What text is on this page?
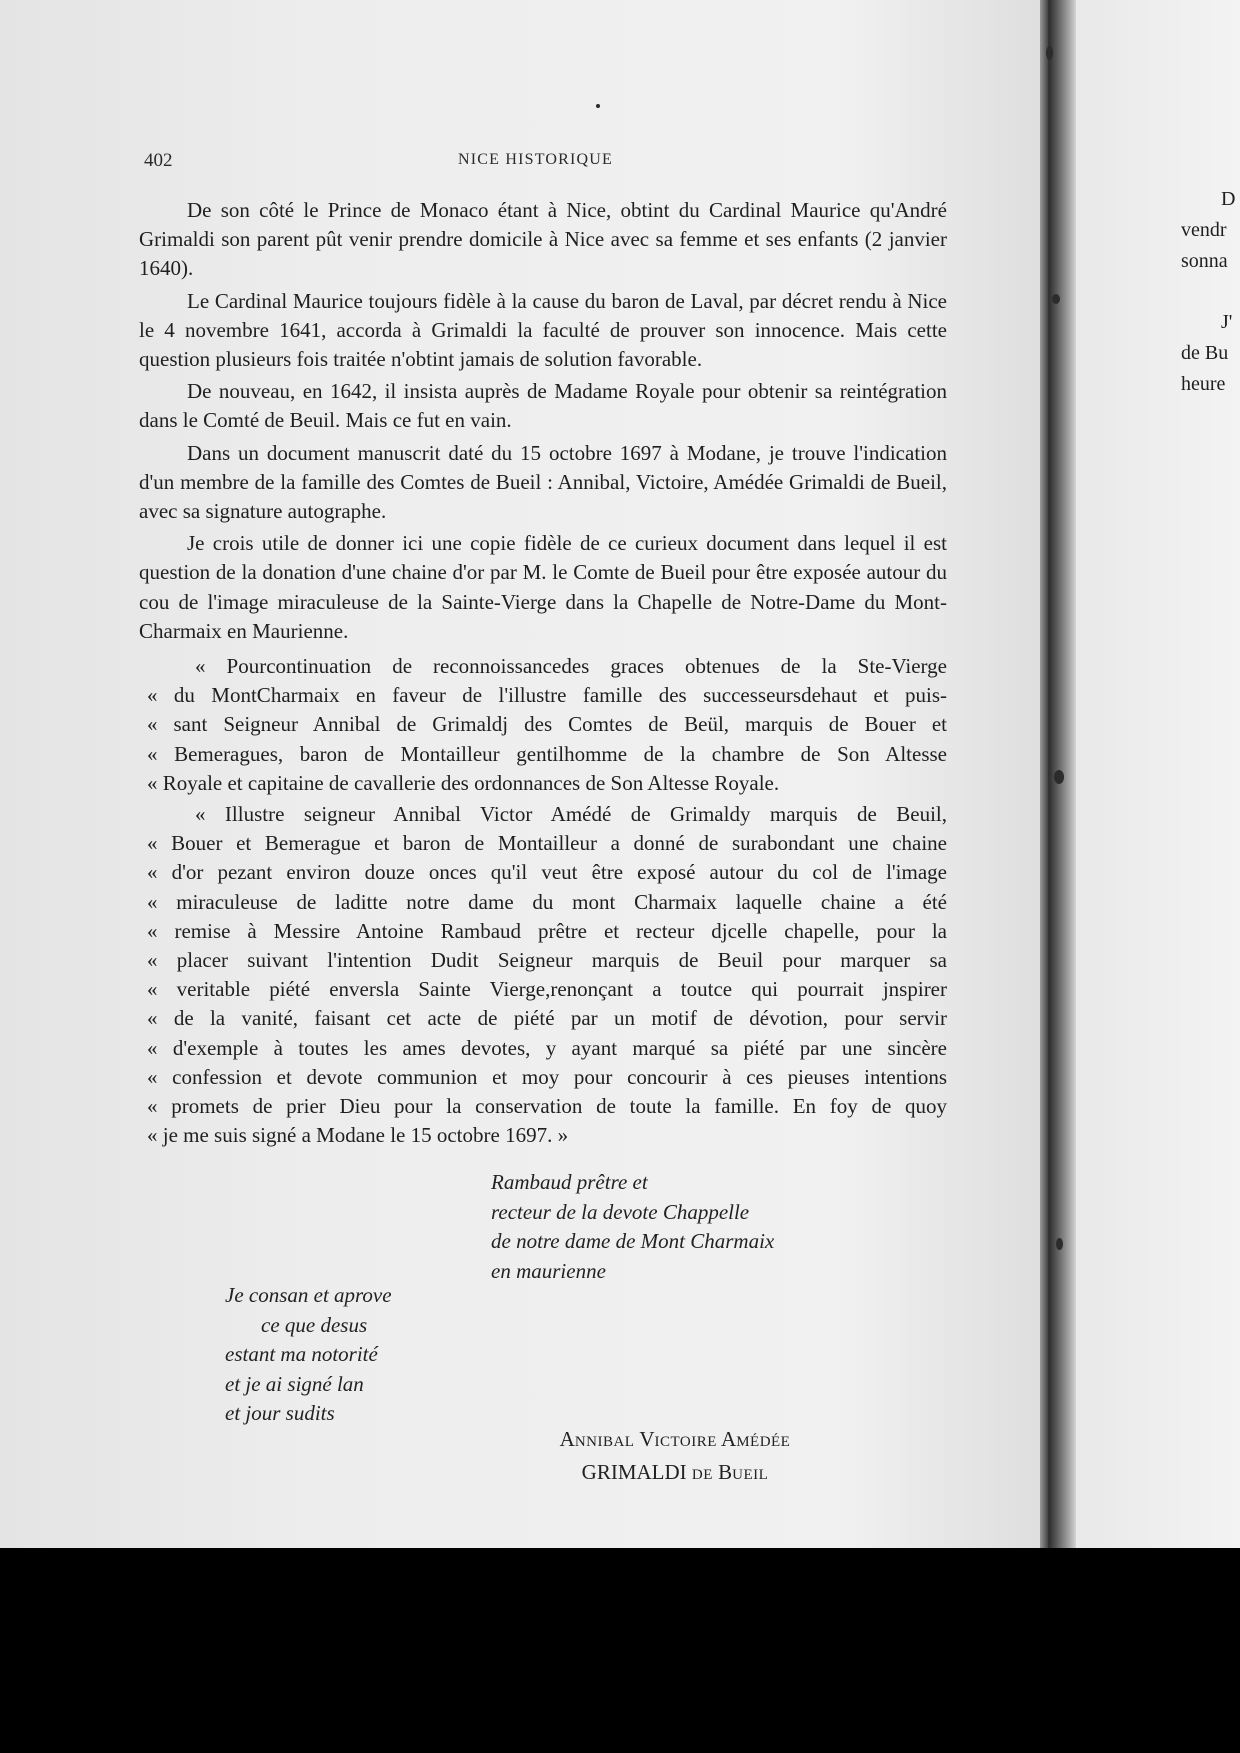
402	NICE HISTORIQUE

De son côté le Prince de Monaco étant à Nice, obtint du Cardinal Maurice qu'André Grimaldi son parent pût venir prendre domicile à Nice avec sa femme et ses enfants (2 janvier 1640).

Le Cardinal Maurice toujours fidèle à la cause du baron de Laval, par décret rendu à Nice le 4 novembre 1641, accorda à Grimaldi la faculté de prouver son innocence. Mais cette question plusieurs fois traitée n'obtint jamais de solution favorable.

De nouveau, en 1642, il insista auprès de Madame Royale pour obtenir sa reintégration dans le Comté de Beuil. Mais ce fut en vain.

Dans un document manuscrit daté du 15 octobre 1697 à Modane, je trouve l'indication d'un membre de la famille des Comtes de Bueil : Annibal, Victoire, Amédée Grimaldi de Bueil, avec sa signature autographe.

Je crois utile de donner ici une copie fidèle de ce curieux document dans lequel il est question de la donation d'une chaine d'or par M. le Comte de Bueil pour être exposée autour du cou de l'image miraculeuse de la Sainte-Vierge dans la Chapelle de Notre-Dame du Mont-Charmaix en Maurienne.

« Pourcontinuation de reconnoissancedes graces obtenues de la Ste-Vierge
« du MontCharmaix en faveur de l'illustre famille des successeursdehaut et puis-
« sant Seigneur Annibal de Grimaldj des Comtes de Beül, marquis de Bouer et
« Bemeragues, baron de Montailleur gentilhomme de la chambre de Son Altesse
« Royale et capitaine de cavallerie des ordonnances de Son Altesse Royale.
« Illustre seigneur Annibal Victor Amédé de Grimaldy marquis de Beuil,
« Bouer et Bemerague et baron de Montailleur a donné de surabondant une chaine
« d'or pezant environ douze onces qu'il veut être exposé autour du col de l'image
« miraculeuse de laditte notre dame du mont Charmaix laquelle chaine a été
« remise à Messire Antoine Rambaud prêtre et recteur djcelle chapelle, pour la
« placer suivant l'intention Dudit Seigneur marquis de Beuil pour marquer sa
« veritable piété enversla Sainte Vierge,renonçant a toutce qui pourrait jnspirer
« de la vanité, faisant cet acte de piété par un motif de dévotion, pour servir
« d'exemple à toutes les ames devotes, y ayant marqué sa piété par une sincère
« confession et devote communion et moy pour concourir à ces pieuses intentions
« promets de prier Dieu pour la conservation de toute la famille. En foy de quoy
« je me suis signé a Modane le 15 octobre 1697. »
Rambaud prêtre et
recteur de la devote Chappelle
de notre dame de Mont Charmaix
en maurienne
Je consan et aprove
ce que desus
estant ma notorité
et je ai signé lan
et jour sudits
ANNIBAL VICTOIRE AMÉDÉE
GRIMALDI DE BUEIL
D
vendr
sonna
J'
de Bu
heure
